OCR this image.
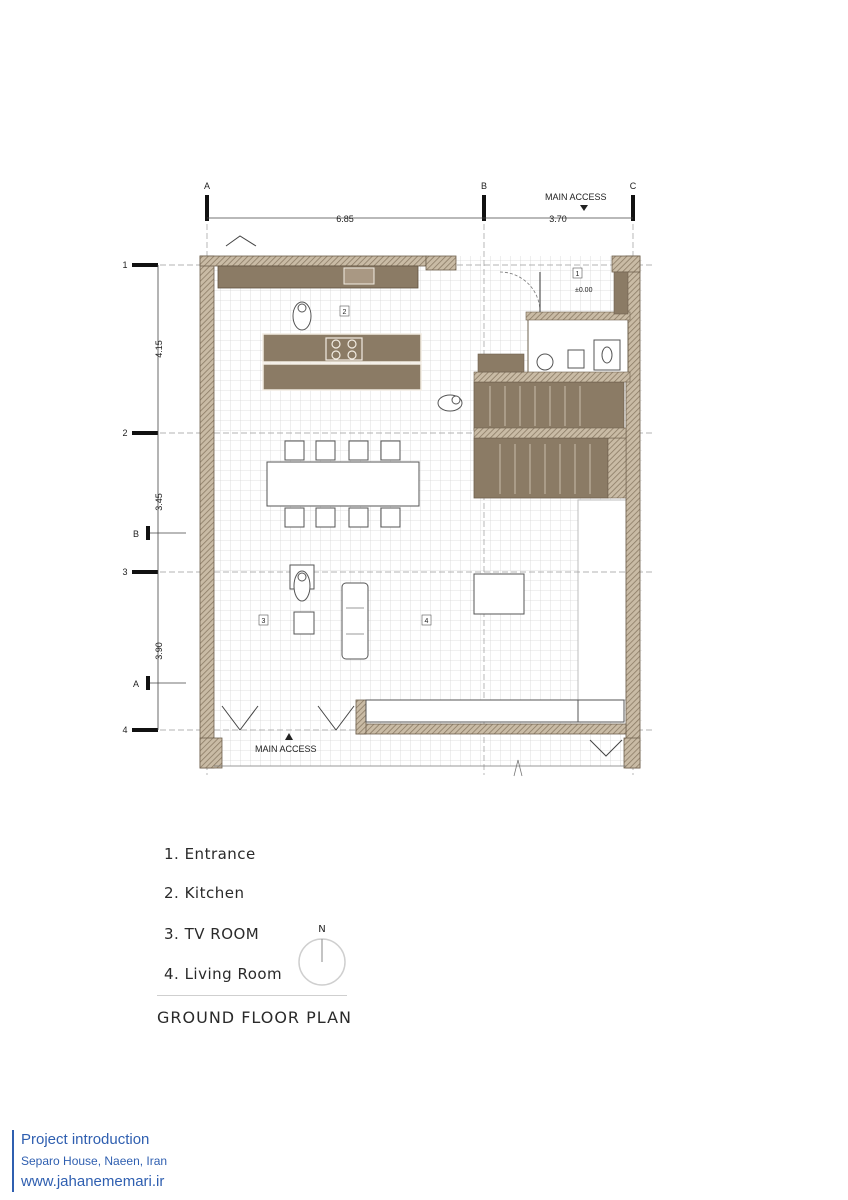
A	B	C
6.85	3.70
1
2
3
4
B
A
4.15
3.45
3.90
MAIN ACCESS
MAIN ACCESS
±0.00
1
2
3	4
N
1. Entrance
2. Kitchen
3. TV ROOM
4. Living Room
GROUND FLOOR PLAN
Project introduction
Separo House, Naeen, Iran
www.jahanememari.ir
